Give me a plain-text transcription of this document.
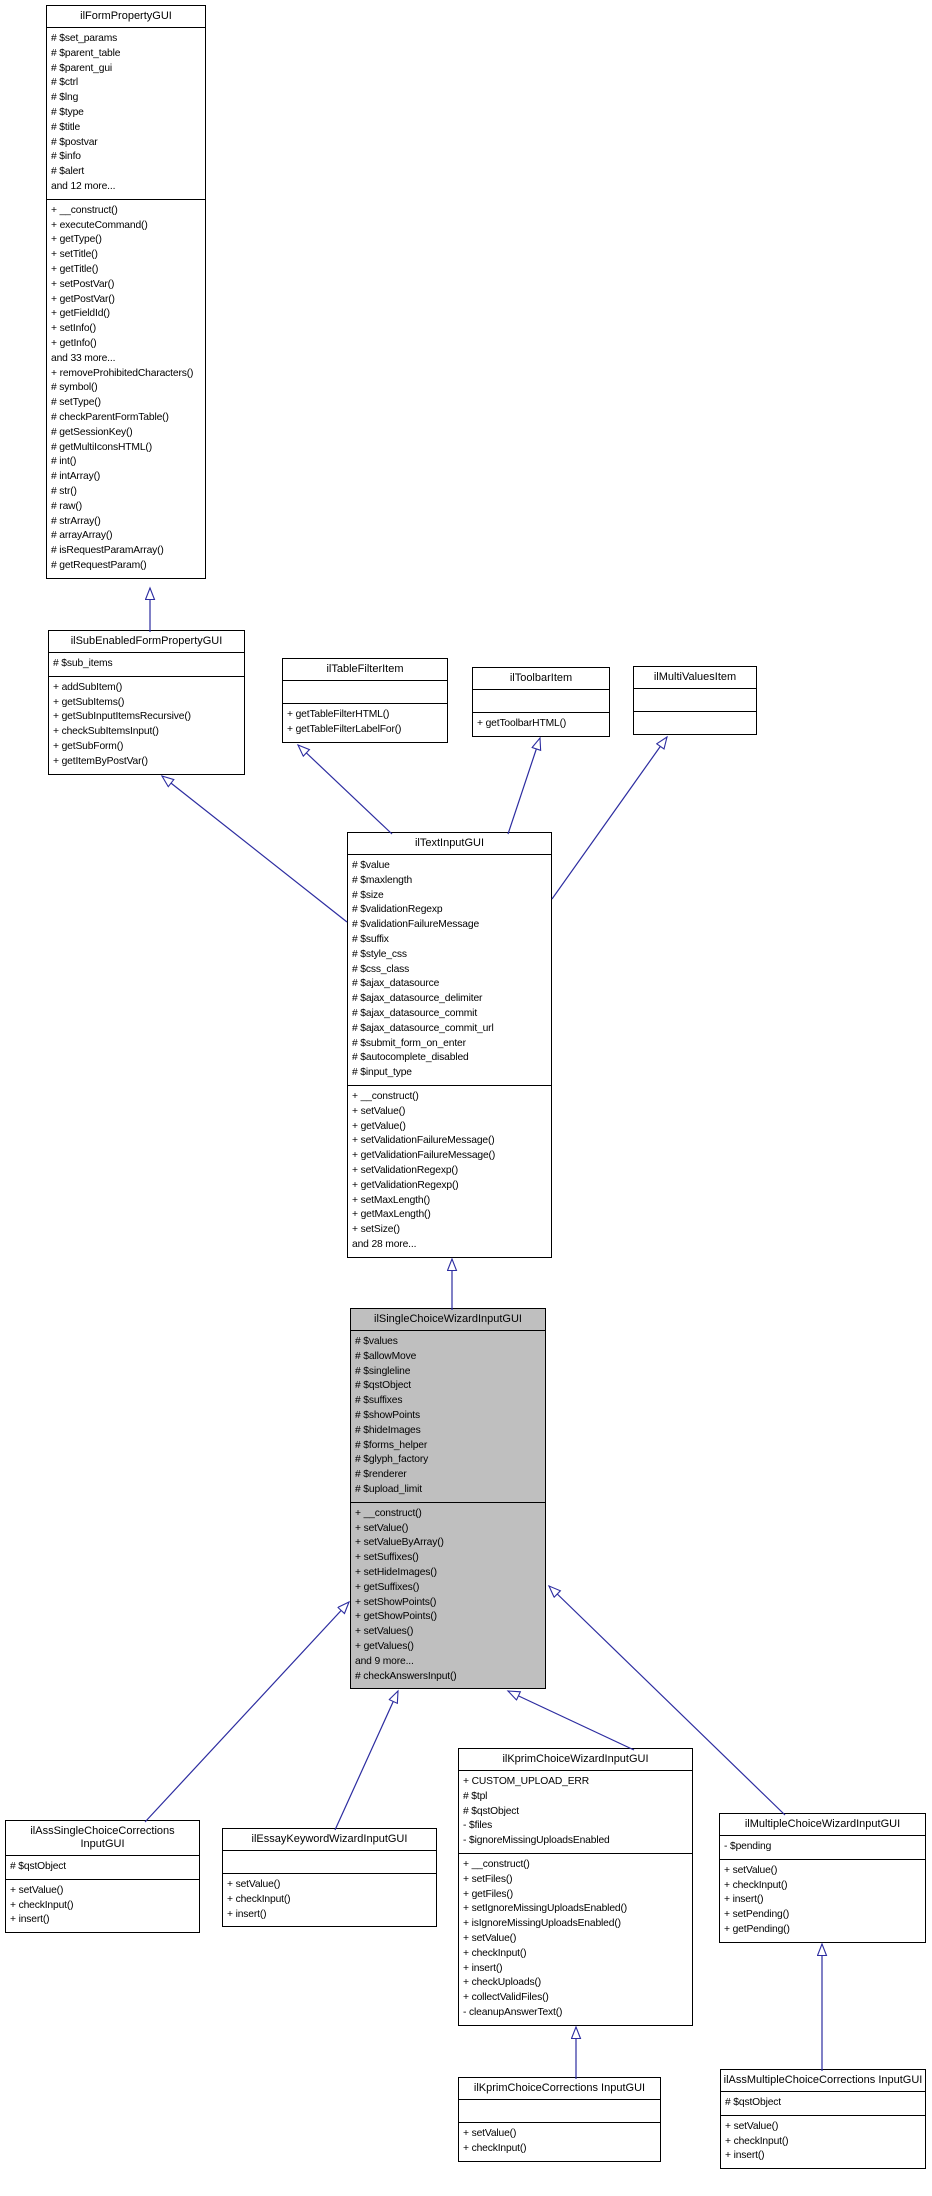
ilFormPropertyGUI
# $set_params
# $parent_table
# $parent_gui
# $ctrl
# $lng
# $type
# $title
# $postvar
# $info
# $alert
and 12 more...
+ __construct()
+ executeCommand()
+ getType()
+ setTitle()
+ getTitle()
+ setPostVar()
+ getPostVar()
+ getFieldId()
+ setInfo()
+ getInfo()
and 33 more...
+ removeProhibitedCharacters()
# symbol()
# setType()
# checkParentFormTable()
# getSessionKey()
# getMultiIconsHTML()
# int()
# intArray()
# str()
# raw()
# strArray()
# arrayArray()
# isRequestParamArray()
# getRequestParam()
ilSubEnabledFormPropertyGUI
# $sub_items
+ addSubItem()
+ getSubItems()
+ getSubInputItemsRecursive()
+ checkSubItemsInput()
+ getSubForm()
+ getItemByPostVar()
ilTableFilterItem
+ getTableFilterHTML()
+ getTableFilterLabelFor()
ilToolbarItem
+ getToolbarHTML()
ilMultiValuesItem
ilTextInputGUI
# $value
# $maxlength
# $size
# $validationRegexp
# $validationFailureMessage
# $suffix
# $style_css
# $css_class
# $ajax_datasource
# $ajax_datasource_delimiter
# $ajax_datasource_commit
# $ajax_datasource_commit_url
# $submit_form_on_enter
# $autocomplete_disabled
# $input_type
+ __construct()
+ setValue()
+ getValue()
+ setValidationFailureMessage()
+ getValidationFailureMessage()
+ setValidationRegexp()
+ getValidationRegexp()
+ setMaxLength()
+ getMaxLength()
+ setSize()
and 28 more...
ilSingleChoiceWizardInputGUI
# $values
# $allowMove
# $singleline
# $qstObject
# $suffixes
# $showPoints
# $hideImages
# $forms_helper
# $glyph_factory
# $renderer
# $upload_limit
+ __construct()
+ setValue()
+ setValueByArray()
+ setSuffixes()
+ setHideImages()
+ getSuffixes()
+ setShowPoints()
+ getShowPoints()
+ setValues()
+ getValues()
and 9 more...
# checkAnswersInput()
ilAssSingleChoiceCorrections InputGUI
# $qstObject
+ setValue()
+ checkInput()
+ insert()
ilEssayKeywordWizardInputGUI
+ setValue()
+ checkInput()
+ insert()
ilKprimChoiceWizardInputGUI
+ CUSTOM_UPLOAD_ERR
# $tpl
# $qstObject
- $files
- $ignoreMissingUploadsEnabled
+ __construct()
+ setFiles()
+ getFiles()
+ setIgnoreMissingUploadsEnabled()
+ isIgnoreMissingUploadsEnabled()
+ setValue()
+ checkInput()
+ insert()
+ checkUploads()
+ collectValidFiles()
- cleanupAnswerText()
ilMultipleChoiceWizardInputGUI
- $pending
+ setValue()
+ checkInput()
+ insert()
+ setPending()
+ getPending()
ilKprimChoiceCorrections InputGUI
+ setValue()
+ checkInput()
ilAssMultipleChoiceCorrections InputGUI
# $qstObject
+ setValue()
+ checkInput()
+ insert()
